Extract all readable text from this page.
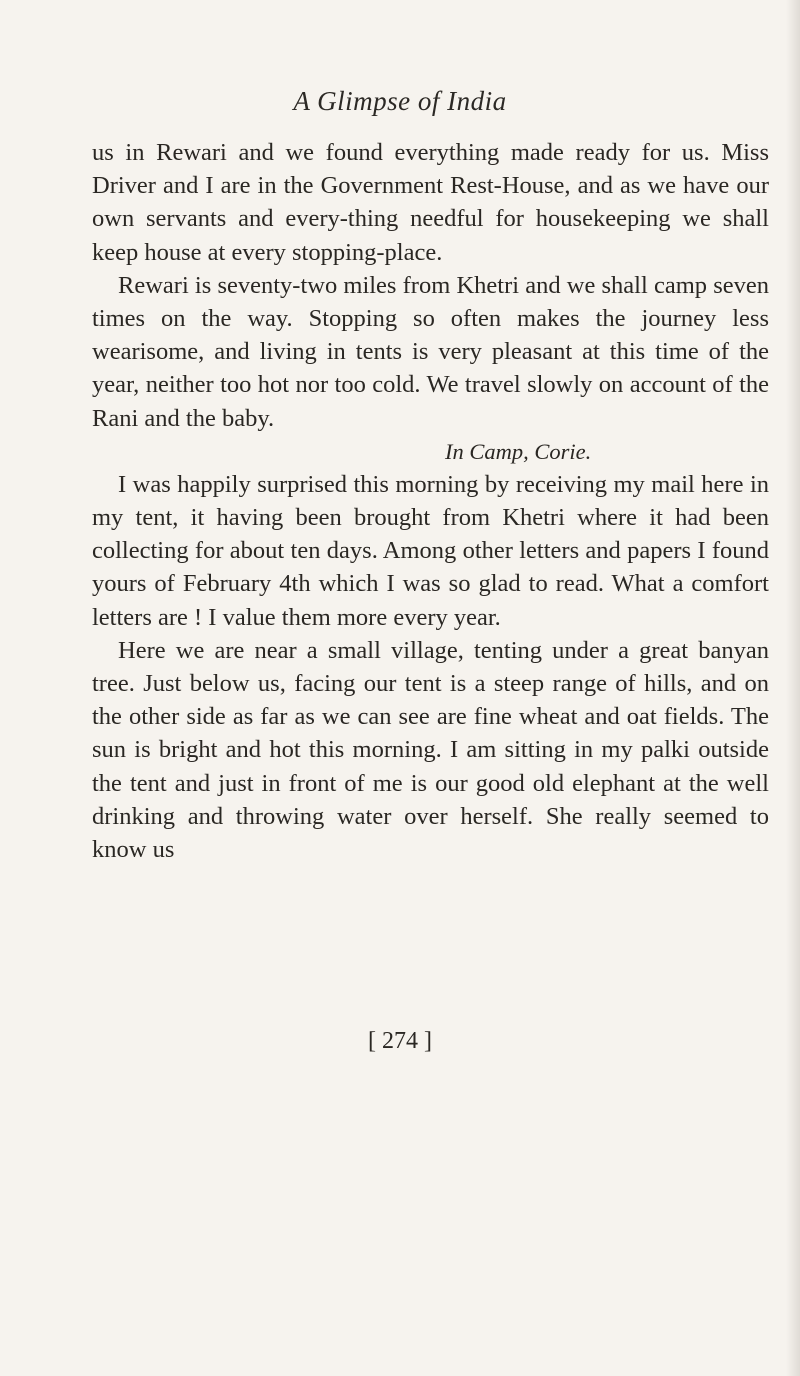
A Glimpse of India

us in Rewari and we found everything made ready for us. Miss Driver and I are in the Government Rest-House, and as we have our own servants and every-thing needful for housekeeping we shall keep house at every stopping-place.

Rewari is seventy-two miles from Khetri and we shall camp seven times on the way. Stopping so often makes the journey less wearisome, and living in tents is very pleasant at this time of the year, neither too hot nor too cold. We travel slowly on account of the Rani and the baby.

In Camp, Corie.

I was happily surprised this morning by receiving my mail here in my tent, it having been brought from Khetri where it had been collecting for about ten days. Among other letters and papers I found yours of February 4th which I was so glad to read. What a comfort letters are ! I value them more every year.

Here we are near a small village, tenting under a great banyan tree. Just below us, facing our tent is a steep range of hills, and on the other side as far as we can see are fine wheat and oat fields. The sun is bright and hot this morning. I am sitting in my palki outside the tent and just in front of me is our good old elephant at the well drinking and throwing water over herself. She really seemed to know us

[ 274 ]
